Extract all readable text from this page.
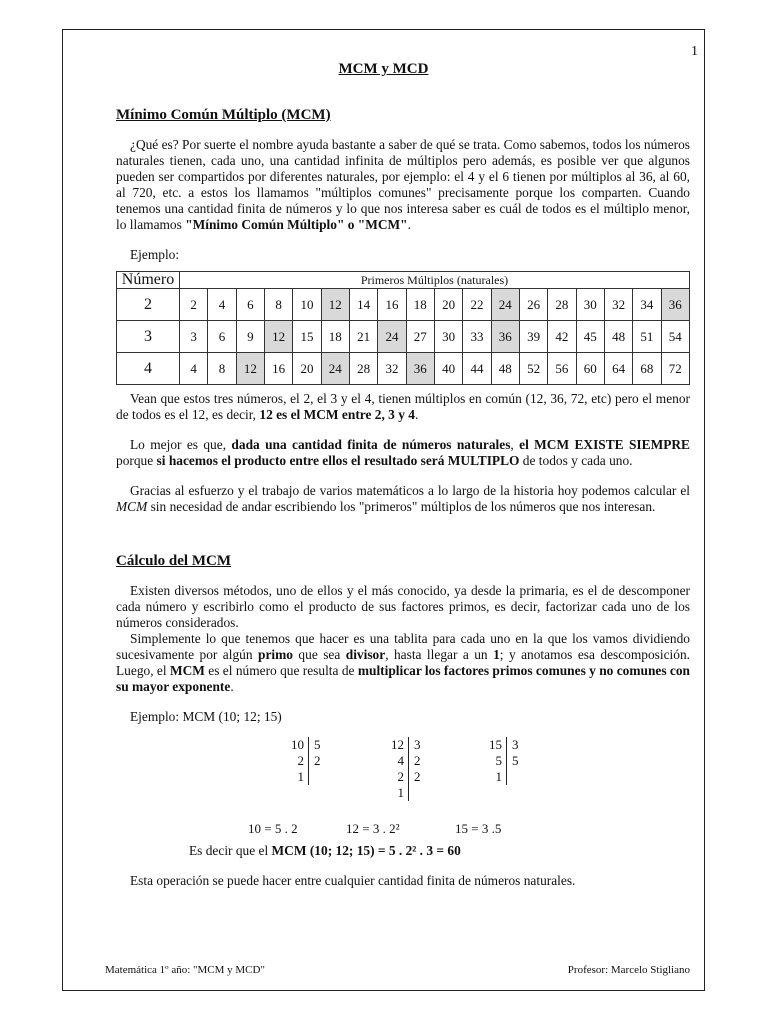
1
MCM y MCD
Mínimo Común Múltiplo (MCM)

¿Qué es? Por suerte el nombre ayuda bastante a saber de qué se trata. Como sabemos, todos los números naturales tienen, cada uno, una cantidad infinita de múltiplos pero además, es posible ver que algunos pueden ser compartidos por diferentes naturales, por ejemplo: el 4 y el 6 tienen por múltiplos al 36, al 60, al 720, etc. a estos los llamamos "múltiplos comunes" precisamente porque los comparten. Cuando tenemos una cantidad finita de números y lo que nos interesa saber es cuál de todos es el múltiplo menor, lo llamamos "Mínimo Común Múltiplo" o "MCM".

Ejemplo:

Número	Primeros Múltiplos (naturales)																	
2	2	4	6	8	10	12	14	16	18	20	22	24	26	28	30	32	34	36
3	3	6	9	12	15	18	21	24	27	30	33	36	39	42	45	48	51	54
4	4	8	12	16	20	24	28	32	36	40	44	48	52	56	60	64	68	72

Vean que estos tres números, el 2, el 3 y el 4, tienen múltiplos en común (12, 36, 72, etc) pero el menor de todos es el 12, es decir, 12 es el MCM entre 2, 3 y 4.

Lo mejor es que, dada una cantidad finita de números naturales, el MCM EXISTE SIEMPRE porque si hacemos el producto entre ellos el resultado será MULTIPLO de todos y cada uno.

Gracias al esfuerzo y el trabajo de varios matemáticos a lo largo de la historia hoy podemos calcular el MCM sin necesidad de andar escribiendo los "primeros" múltiplos de los números que nos interesan.

Cálculo del MCM

Existen diversos métodos, uno de ellos y el más conocido, ya desde la primaria, es el de descomponer cada número y escribirlo como el producto de sus factores primos, es decir, factorizar cada uno de los números considerados.

Simplemente lo que tenemos que hacer es una tablita para cada uno en la que los vamos dividiendo sucesivamente por algún primo que sea divisor, hasta llegar a un 1; y anotamos esa descomposición. Luego, el MCM es el número que resulta de multiplicar los factores primos comunes y no comunes con su mayor exponente.

Ejemplo: MCM (10; 12; 15)

10 5
2 2
1
12 3
4 2
2 2
1
15 3
5 5
1
10 = 5 . 2	12 = 3 . 2²	15 = 3 .5

Es decir que el MCM (10; 12; 15) = 5 . 2² . 3 = 60

Esta operación se puede hacer entre cualquier cantidad finita de números naturales.

Matemática 1º año: "MCM y MCD"	Profesor: Marcelo Stigliano
